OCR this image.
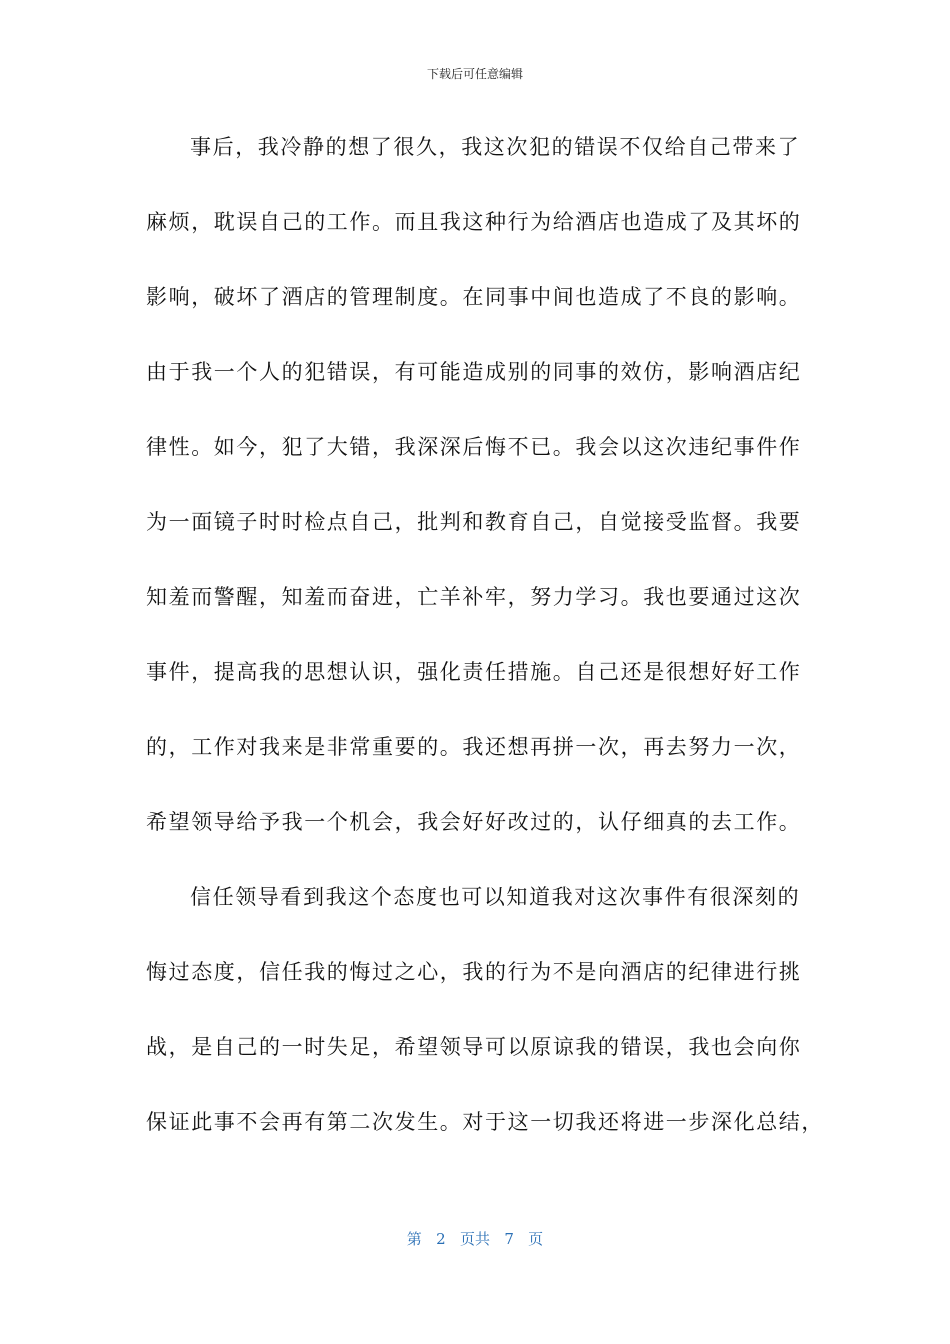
下载后可任意编辑
事后，我冷静的想了很久，我这次犯的错误不仅给自己带来了
麻烦，耽误自己的工作。而且我这种行为给酒店也造成了及其坏的
影响，破坏了酒店的管理制度。在同事中间也造成了不良的影响。
由于我一个人的犯错误，有可能造成别的同事的效仿，影响酒店纪
律性。如今，犯了大错，我深深后悔不已。我会以这次违纪事件作
为一面镜子时时检点自己，批判和教育自己，自觉接受监督。我要
知羞而警醒，知羞而奋进，亡羊补牢，努力学习。我也要通过这次
事件，提高我的思想认识，强化责任措施。自己还是很想好好工作
的，工作对我来是非常重要的。我还想再拼一次，再去努力一次，
希望领导给予我一个机会，我会好好改过的，认仔细真的去工作。
信任领导看到我这个态度也可以知道我对这次事件有很深刻的
悔过态度，信任我的悔过之心，我的行为不是向酒店的纪律进行挑
战，是自己的一时失足，希望领导可以原谅我的错误，我也会向你
保证此事不会再有第二次发生。对于这一切我还将进一步深化总结，
第 2 页共 7 页
